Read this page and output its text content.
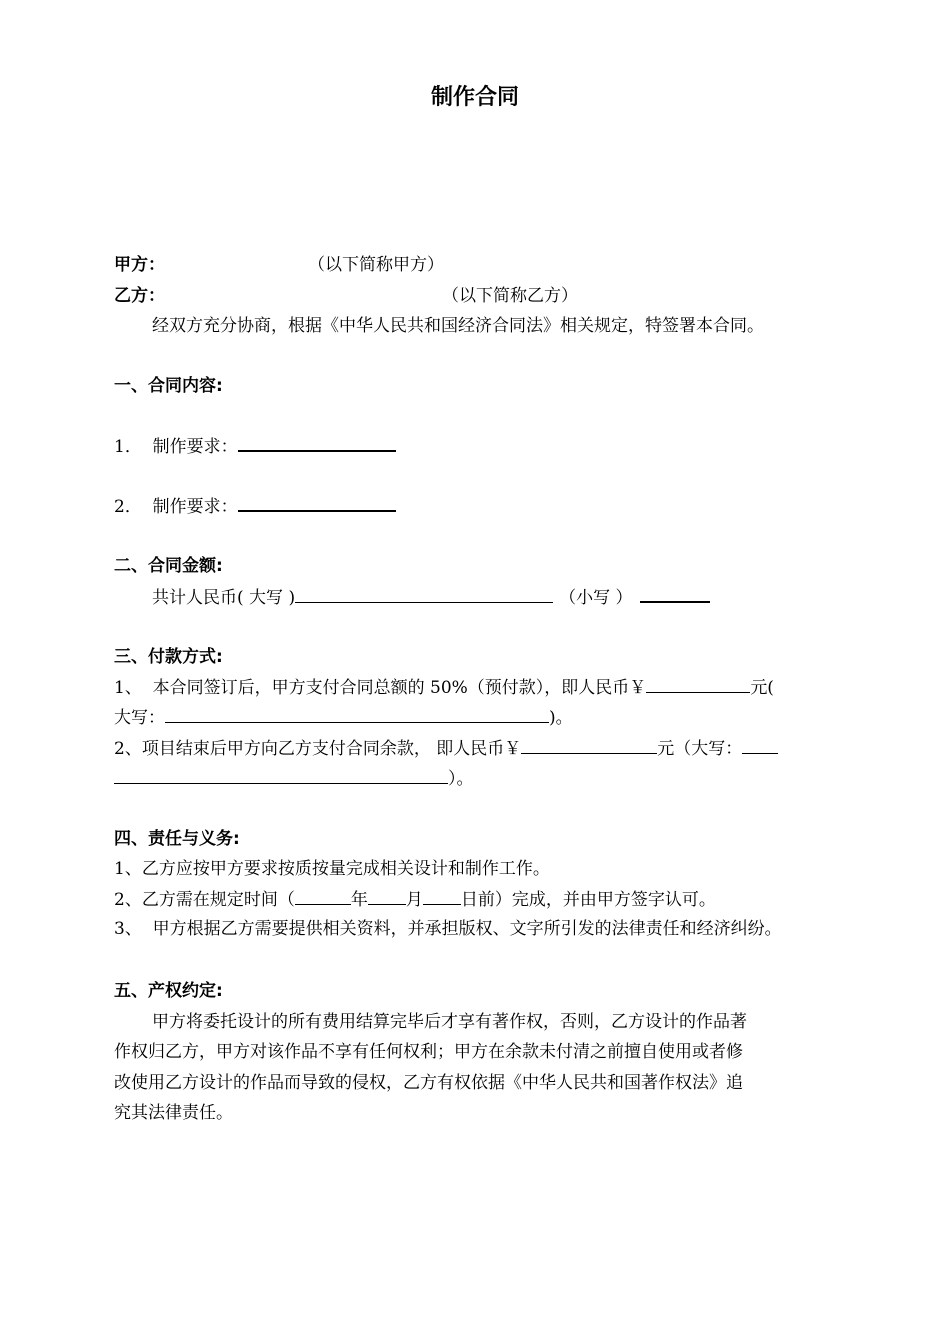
制作合同
甲方：	（以下简称甲方）
乙方：	（以下简称乙方）
经双方充分协商，根据《中华人民共和国经济合同法》相关规定，特签署本合同。
一、合同内容:
1．  制作要求：
2．  制作要求：
二、合同金额:
共计人民币( 大写 )	（小写 ）
三、付款方式:
1、  本合同签订后，甲方支付合同总额的 50%（预付款），即人民币￥	元(
大写：	)。
2、项目结束后甲方向乙方支付合同余款， 即人民币￥	元（大写：
）。
四、责任与义务:
1、乙方应按甲方要求按质按量完成相关设计和制作工作。
2、乙方需在规定时间（	年 月 日前）完成，并由甲方签字认可。
3、  甲方根据乙方需要提供相关资料，并承担版权、文字所引发的法律责任和经济纠纷。
五、产权约定:
甲方将委托设计的所有费用结算完毕后才享有著作权，否则，乙方设计的作品著
作权归乙方，甲方对该作品不享有任何权利；甲方在余款未付清之前擅自使用或者修
改使用乙方设计的作品而导致的侵权，乙方有权依据《中华人民共和国著作权法》追
究其法律责任。
